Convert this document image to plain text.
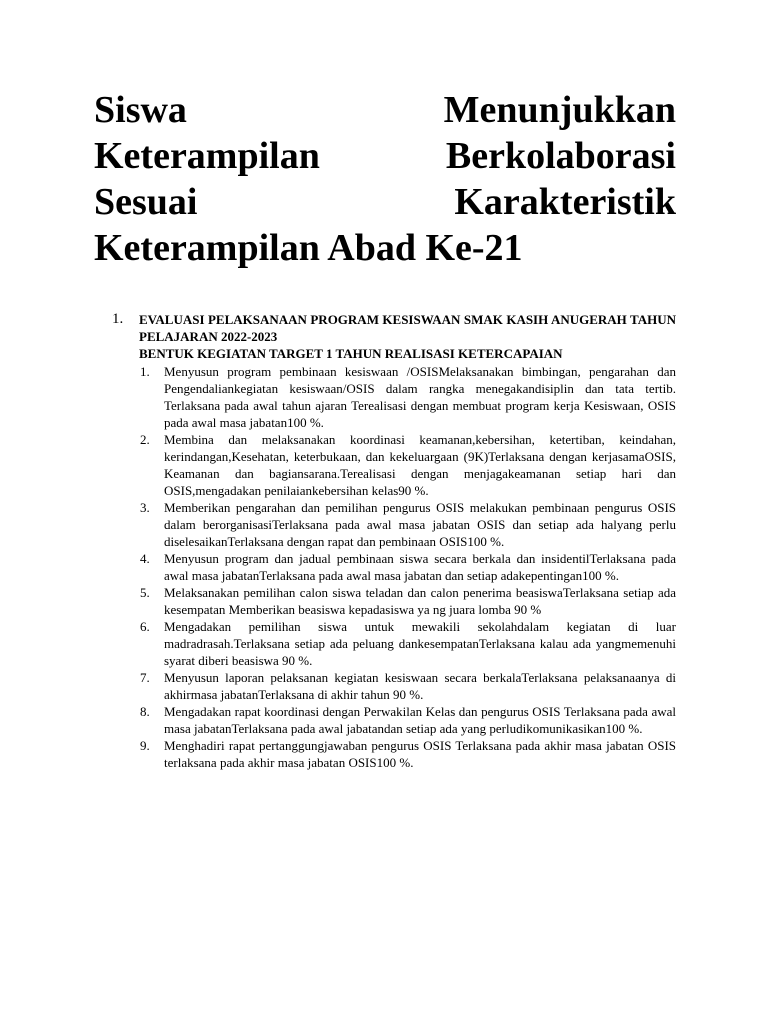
Siswa	Menunjukkan
Keterampilan	Berkolaborasi
Sesuai	Karakteristik
Keterampilan Abad Ke-21
1.	EVALUASI PELAKSANAAN PROGRAM KESISWAAN SMAK KASIH ANUGERAH TAHUN PELAJARAN 2022-2023
BENTUK KEGIATAN TARGET 1 TAHUN REALISASI KETERCAPAIAN
1.	Menyusun program pembinaan kesiswaan /OSISMelaksanakan bimbingan, pengarahan dan Pengendaliankegiatan kesiswaan/OSIS dalam rangka menegakandisiplin dan tata tertib. Terlaksana pada awal tahun ajaran Terealisasi dengan membuat program kerja Kesiswaan, OSIS pada awal masa jabatan100 %.
2.	Membina dan melaksanakan koordinasi keamanan,kebersihan, ketertiban, keindahan, kerindangan,Kesehatan, keterbukaan, dan kekeluargaan (9K)Terlaksana dengan kerjasamaOSIS, Keamanan dan bagiansarana.Terealisasi dengan menjagakeamanan setiap hari dan OSIS,mengadakan penilaiankebersihan kelas90 %.
3.	Memberikan pengarahan dan pemilihan pengurus OSIS melakukan pembinaan pengurus OSIS dalam berorganisasiTerlaksana pada awal masa jabatan OSIS dan setiap ada halyang perlu diselesaikanTerlaksana dengan rapat dan pembinaan OSIS100 %.
4.	Menyusun program dan jadual pembinaan siswa secara berkala dan insidentilTerlaksana pada awal masa jabatanTerlaksana pada awal masa jabatan dan setiap adakepentingan100 %.
5.	Melaksanakan pemilihan calon siswa teladan dan calon penerima beasiswaTerlaksana setiap ada kesempatan Memberikan beasiswa kepadasiswa ya ng juara lomba 90 %
6.	Mengadakan pemilihan siswa untuk mewakili sekolahdalam kegiatan di luar madradrasah.Terlaksana setiap ada peluang dankesempatanTerlaksana kalau ada yangmemenuhi syarat diberi beasiswa 90 %.
7.	Menyusun laporan pelaksanan kegiatan kesiswaan secara berkalaTerlaksana pelaksanaanya di akhirmasa jabatanTerlaksana di akhir tahun 90 %.
8.	Mengadakan rapat koordinasi dengan Perwakilan Kelas dan pengurus OSIS Terlaksana pada awal masa jabatanTerlaksana pada awal jabatandan setiap ada yang perludikomunikasikan100 %.
9.	Menghadiri rapat pertanggungjawaban pengurus OSIS Terlaksana pada akhir masa jabatan OSIS terlaksana pada akhir masa jabatan OSIS100 %.
